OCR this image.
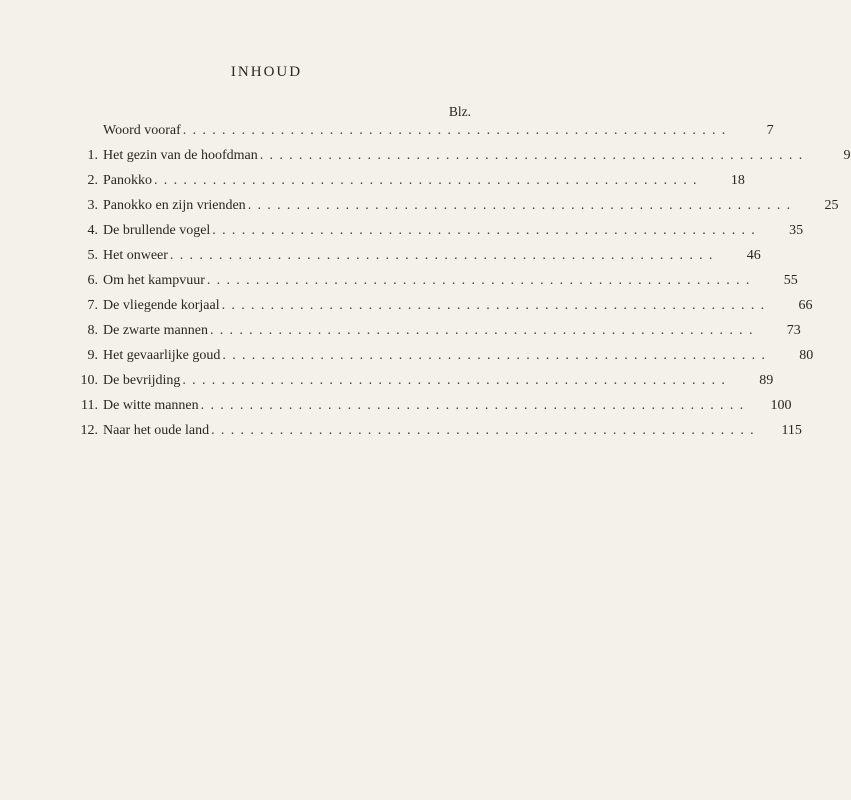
INHOUD
Blz.
Woord vooraf ........................................................	7
1. Het gezin van de hoofdman ........................................................	9
2. Panokko ........................................................	18
3. Panokko en zijn vrienden ........................................................	25
4. De brullende vogel ........................................................	35
5. Het onweer ........................................................	46
6. Om het kampvuur ........................................................	55
7. De vliegende korjaal ........................................................	66
8. De zwarte mannen ........................................................	73
9. Het gevaarlijke goud ........................................................	80
10. De bevrijding ........................................................	89
11. De witte mannen ........................................................	100
12. Naar het oude land ........................................................	115
